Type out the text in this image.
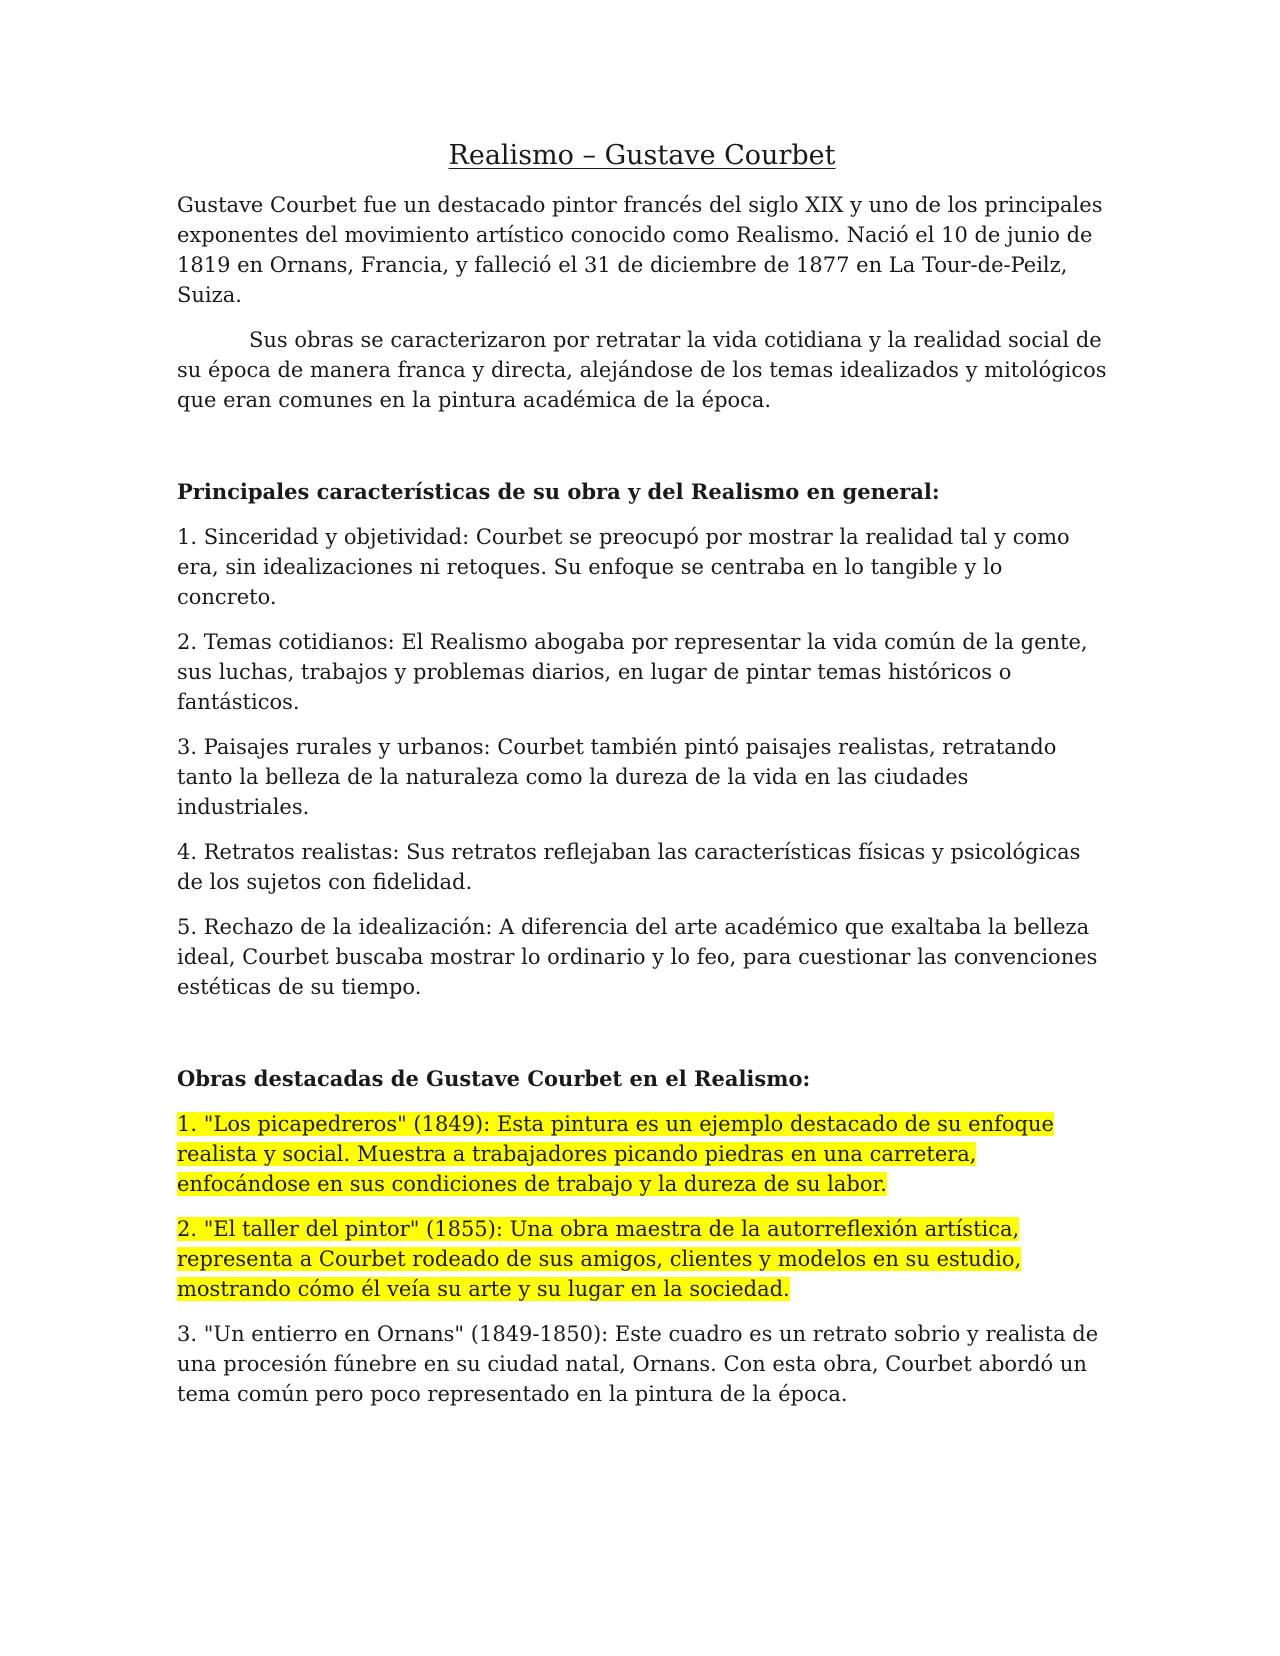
Realismo – Gustave Courbet

Gustave Courbet fue un destacado pintor francés del siglo XIX y uno de los principales exponentes del movimiento artístico conocido como Realismo. Nació el 10 de junio de 1819 en Ornans, Francia, y falleció el 31 de diciembre de 1877 en La Tour-de-Peilz, Suiza.

Sus obras se caracterizaron por retratar la vida cotidiana y la realidad social de su época de manera franca y directa, alejándose de los temas idealizados y mitológicos que eran comunes en la pintura académica de la época.

Principales características de su obra y del Realismo en general:

1. Sinceridad y objetividad: Courbet se preocupó por mostrar la realidad tal y como era, sin idealizaciones ni retoques. Su enfoque se centraba en lo tangible y lo concreto.

2. Temas cotidianos: El Realismo abogaba por representar la vida común de la gente, sus luchas, trabajos y problemas diarios, en lugar de pintar temas históricos o fantásticos.

3. Paisajes rurales y urbanos: Courbet también pintó paisajes realistas, retratando tanto la belleza de la naturaleza como la dureza de la vida en las ciudades industriales.

4. Retratos realistas: Sus retratos reflejaban las características físicas y psicológicas de los sujetos con fidelidad.

5. Rechazo de la idealización: A diferencia del arte académico que exaltaba la belleza ideal, Courbet buscaba mostrar lo ordinario y lo feo, para cuestionar las convenciones estéticas de su tiempo.

Obras destacadas de Gustave Courbet en el Realismo:

1. "Los picapedreros" (1849): Esta pintura es un ejemplo destacado de su enfoque realista y social. Muestra a trabajadores picando piedras en una carretera, enfocándose en sus condiciones de trabajo y la dureza de su labor.

2. "El taller del pintor" (1855): Una obra maestra de la autorreflexión artística, representa a Courbet rodeado de sus amigos, clientes y modelos en su estudio, mostrando cómo él veía su arte y su lugar en la sociedad.

3. "Un entierro en Ornans" (1849-1850): Este cuadro es un retrato sobrio y realista de una procesión fúnebre en su ciudad natal, Ornans. Con esta obra, Courbet abordó un tema común pero poco representado en la pintura de la época.
